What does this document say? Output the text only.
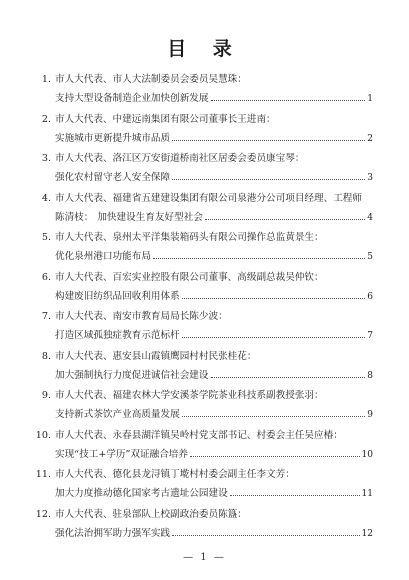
目 录
1. 市人大代表、市人大法制委员会委员吴慧珠：
支持大型设备制造企业加快创新发展	1
2. 市人大代表、中建远南集团有限公司董事长王进南：
实施城市更新提升城市品质	2
3. 市人大代表、洛江区万安街道桥南社区居委会委员康宝琴：
强化农村留守老人安全保障	3
4. 市人大代表、福建省五建建设集团有限公司泉港分公司项目经理、工程师
陈清枝： 加快建设生育友好型社会	4
5. 市人大代表、泉州太平洋集装箱码头有限公司操作总监黄景生：
优化泉州港口功能布局	5
6. 市人大代表、百宏实业控股有限公司董事、高级副总裁吴仲钦：
构建废旧纺织品回收利用体系	6
7. 市人大代表、南安市教育局局长陈少波：
打造区域孤独症教育示范标杆	7
8. 市人大代表、惠安县山霞镇鹰园村村民张桂花：
加大强制执行力度促进诚信社会建设	8
9. 市人大代表、福建农林大学安溪茶学院茶业科技系副教授张羽：
支持新式茶饮产业高质量发展	9
10. 市人大代表、永春县湖洋镇吴岭村党支部书记、村委会主任吴应椿：
实现“技工+学历”双证融合培养	10
11. 市人大代表、德化县龙浔镇丁墘村村委会副主任李文芳：
加大力度推动德化国家考古遗址公园建设	11
12. 市人大代表、驻泉部队上校副政治委员陈簋：
强化法治拥军助力强军实践	12
— 1 —
